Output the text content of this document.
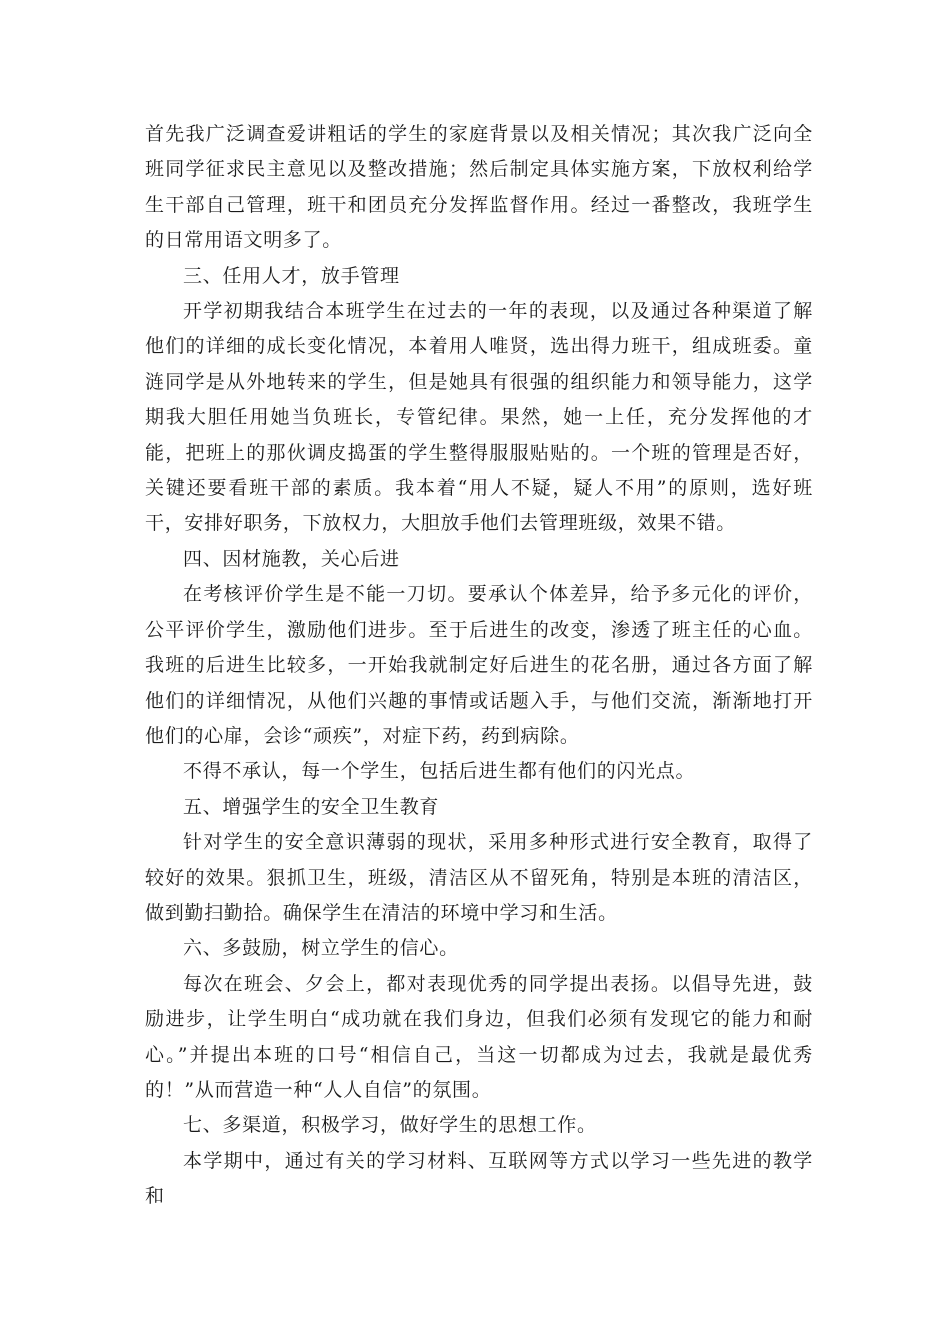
首先我广泛调查爱讲粗话的学生的家庭背景以及相关情况；其次我广泛向全班同学征求民主意见以及整改措施；然后制定具体实施方案，下放权利给学生干部自己管理，班干和团员充分发挥监督作用。经过一番整改，我班学生的日常用语文明多了。

三、任用人才，放手管理

开学初期我结合本班学生在过去的一年的表现，以及通过各种渠道了解他们的详细的成长变化情况，本着用人唯贤，选出得力班干，组成班委。童涟同学是从外地转来的学生，但是她具有很强的组织能力和领导能力，这学期我大胆任用她当负班长，专管纪律。果然，她一上任，充分发挥他的才能，把班上的那伙调皮捣蛋的学生整得服服贴贴的。一个班的管理是否好，关键还要看班干部的素质。我本着“用人不疑，疑人不用”的原则，选好班干，安排好职务，下放权力，大胆放手他们去管理班级，效果不错。

四、因材施教，关心后进

在考核评价学生是不能一刀切。要承认个体差异，给予多元化的评价，公平评价学生，激励他们进步。至于后进生的改变，渗透了班主任的心血。我班的后进生比较多，一开始我就制定好后进生的花名册，通过各方面了解他们的详细情况，从他们兴趣的事情或话题入手，与他们交流，渐渐地打开他们的心扉，会诊“顽疾”，对症下药，药到病除。

不得不承认，每一个学生，包括后进生都有他们的闪光点。

五、增强学生的安全卫生教育

针对学生的安全意识薄弱的现状，采用多种形式进行安全教育，取得了较好的效果。狠抓卫生，班级，清洁区从不留死角，特别是本班的清洁区，做到勤扫勤拾。确保学生在清洁的环境中学习和生活。

六、多鼓励，树立学生的信心。

每次在班会、夕会上，都对表现优秀的同学提出表扬。以倡导先进，鼓励进步，让学生明白“成功就在我们身边，但我们必须有发现它的能力和耐心。”并提出本班的口号“相信自己，当这一切都成为过去，我就是最优秀的！”从而营造一种“人人自信”的氛围。

七、多渠道，积极学习，做好学生的思想工作。

本学期中，通过有关的学习材料、互联网等方式以学习一些先进的教学和
